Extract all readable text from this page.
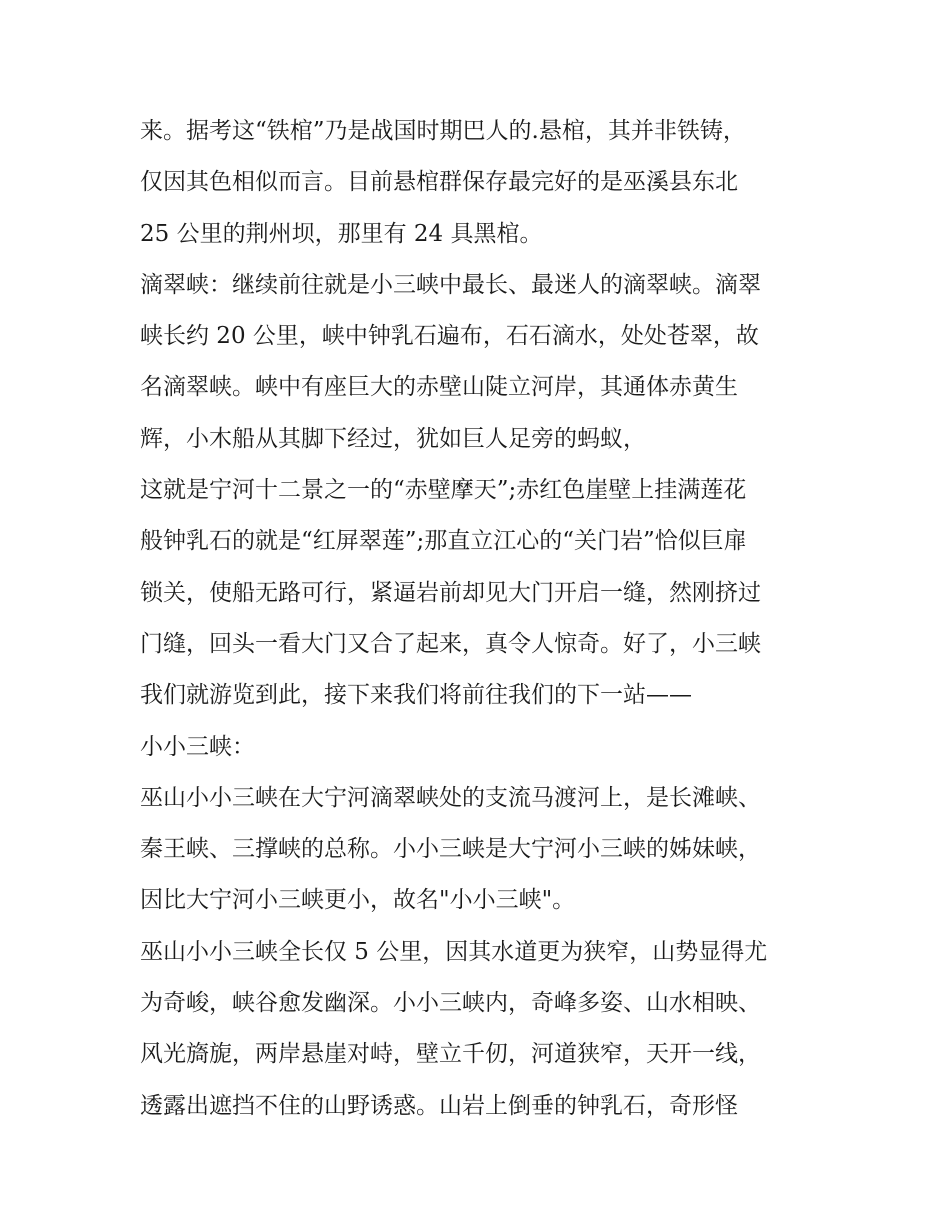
来。据考这“铁棺”乃是战国时期巴人的.悬棺，其并非铁铸，
仅因其色相似而言。目前悬棺群保存最完好的是巫溪县东北
25 公里的荆州坝，那里有 24 具黑棺。
滴翠峡：继续前往就是小三峡中最长、最迷人的滴翠峡。滴翠
峡长约 20 公里，峡中钟乳石遍布，石石滴水，处处苍翠，故
名滴翠峡。峡中有座巨大的赤壁山陡立河岸，其通体赤黄生
辉，小木船从其脚下经过，犹如巨人足旁的蚂蚁，
这就是宁河十二景之一的“赤壁摩天”;赤红色崖壁上挂满莲花
般钟乳石的就是“红屏翠莲”;那直立江心的“关门岩”恰似巨扉
锁关，使船无路可行，紧逼岩前却见大门开启一缝，然刚挤过
门缝，回头一看大门又合了起来，真令人惊奇。好了，小三峡
我们就游览到此，接下来我们将前往我们的下一站——
小小三峡：
巫山小小三峡在大宁河滴翠峡处的支流马渡河上，是长滩峡、
秦王峡、三撑峡的总称。小小三峡是大宁河小三峡的姊妹峡，
因比大宁河小三峡更小，故名"小小三峡"。
巫山小小三峡全长仅 5 公里，因其水道更为狭窄，山势显得尤
为奇峻，峡谷愈发幽深。小小三峡内，奇峰多姿、山水相映、
风光旖旎，两岸悬崖对峙，壁立千仞，河道狭窄，天开一线，
透露出遮挡不住的山野诱惑。山岩上倒垂的钟乳石，奇形怪
